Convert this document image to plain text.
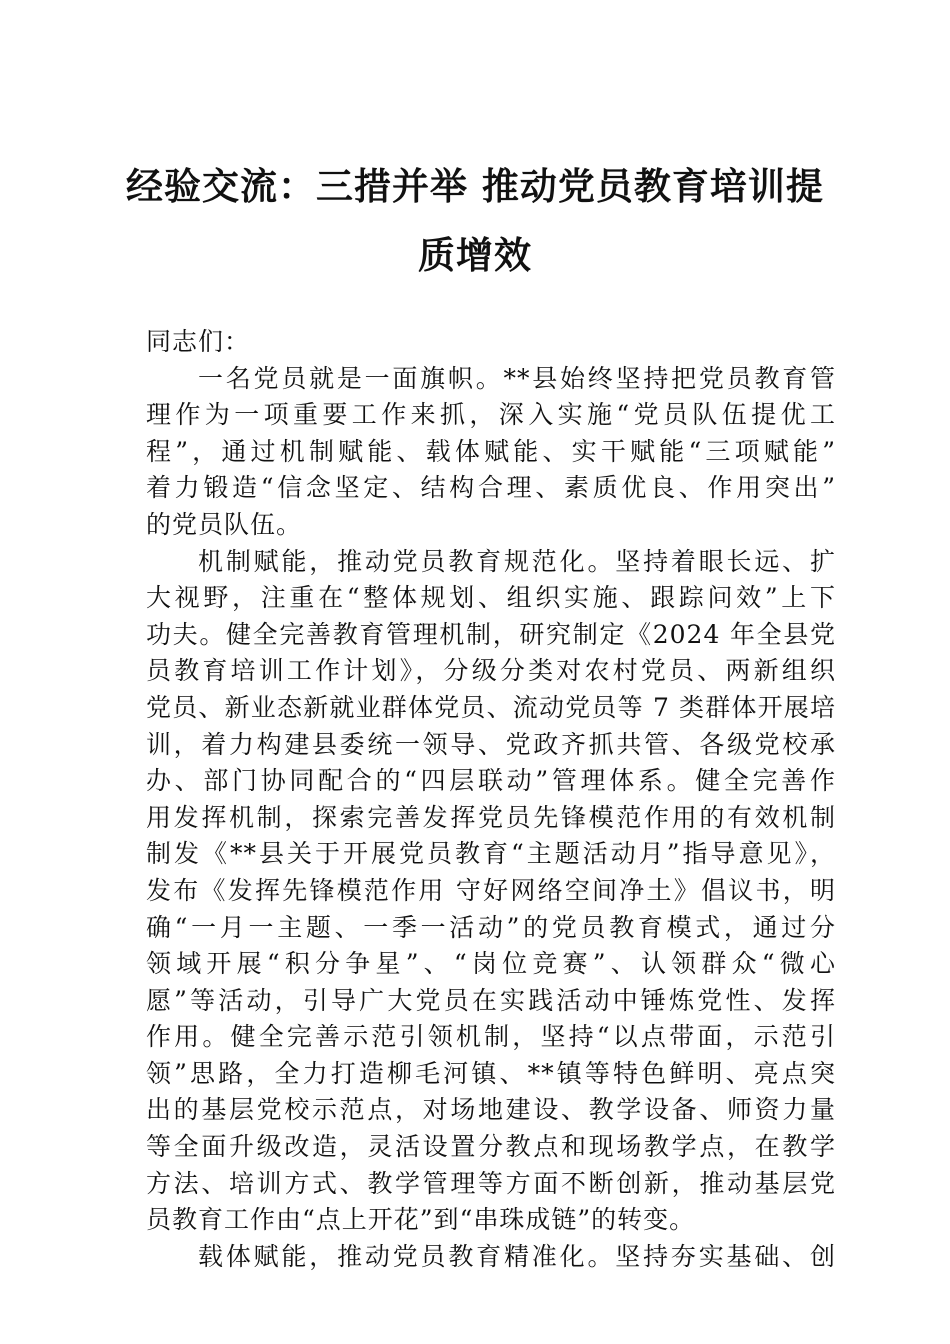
经验交流：三措并举 推动党员教育培训提
质增效
同志们：
一名党员就是一面旗帜。**县始终坚持把党员教育管
理作为一项重要工作来抓，深入实施“党员队伍提优工
程”，通过机制赋能、载体赋能、实干赋能“三项赋能”
着力锻造“信念坚定、结构合理、素质优良、作用突出”
的党员队伍。
机制赋能，推动党员教育规范化。坚持着眼长远、扩
大视野，注重在“整体规划、组织实施、跟踪问效”上下
功夫。健全完善教育管理机制，研究制定《2024 年全县党
员教育培训工作计划》，分级分类对农村党员、两新组织
党员、新业态新就业群体党员、流动党员等 7 类群体开展培
训，着力构建县委统一领导、党政齐抓共管、各级党校承
办、部门协同配合的“四层联动”管理体系。健全完善作
用发挥机制，探索完善发挥党员先锋模范作用的有效机制
制发《**县关于开展党员教育“主题活动月”指导意见》，
发布《发挥先锋模范作用 守好网络空间净土》倡议书，明
确“一月一主题、一季一活动”的党员教育模式，通过分
领域开展“积分争星”、“岗位竞赛”、认领群众“微心
愿”等活动，引导广大党员在实践活动中锤炼党性、发挥
作用。健全完善示范引领机制，坚持“以点带面，示范引
领”思路，全力打造柳毛河镇、**镇等特色鲜明、亮点突
出的基层党校示范点，对场地建设、教学设备、师资力量
等全面升级改造，灵活设置分教点和现场教学点，在教学
方法、培训方式、教学管理等方面不断创新，推动基层党
员教育工作由“点上开花”到“串珠成链”的转变。
载体赋能，推动党员教育精准化。坚持夯实基础、创
